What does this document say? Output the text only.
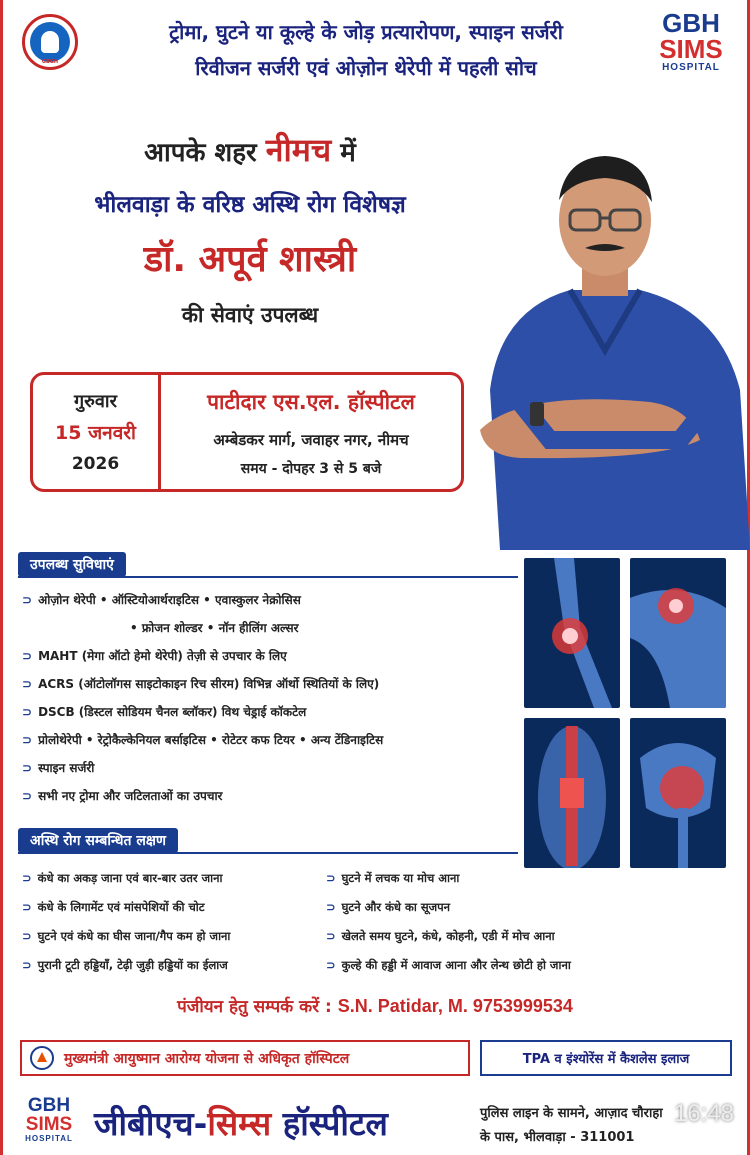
GBGH
ट्रोमा, घुटने या कूल्हे के जोड़ प्रत्यारोपण, स्पाइन सर्जरी
रिवीजन सर्जरी एवं ओज़ोन थेरेपी में पहली सोच
GBH
SIMS
HOSPITAL
आपके शहर नीमच में
भीलवाड़ा के वरिष्ठ अस्थि रोग विशेषज्ञ
डॉ. अपूर्व शास्त्री
की सेवाएं उपलब्ध
गुरुवार
15 जनवरी
2026
पाटीदार एस.एल. हॉस्पीटल
अम्बेडकर मार्ग, जवाहर नगर, नीमच
समय - दोपहर 3 से 5 बजे
उपलब्ध सुविधाएं
⊃ ओज़ोन थेरेपी • ऑस्टियोआर्थराइटिस • एवास्कुलर नेक्रोसिस
• फ्रोजन शोल्डर • नॉन हीलिंग अल्सर
⊃ MAHT (मेगा ऑटो हेमो थेरेपी) तेज़ी से उपचार के लिए
⊃ ACRS (ऑटोलॉगस साइटोकाइन रिच सीरम) विभिन्न ऑर्थो स्थितियों के लिए)
⊃ DSCB (डिस्टल सोडियम चैनल ब्लॉकर) विथ चेड्राई कॉकटेल
⊃ प्रोलोथेरेपी • रेट्रोकैल्केनियल बर्साइटिस • रोटेटर कफ टियर • अन्य टेंडिनाइटिस
⊃ स्पाइन सर्जरी
⊃ सभी नए ट्रोमा और जटिलताओं का उपचार
अस्थि रोग सम्बन्धित लक्षण
⊃ कंधे का अकड़ जाना एवं बार-बार उतर जाना
⊃ कंधे के लिगामेंट एवं मांसपेशियों की चोट
⊃ घुटने एवं कंधे का घीस जाना/गैप कम हो जाना
⊃ पुरानी टूटी हड्डियाँ, टेढ़ी जुड़ी हड्डियों का ईलाज
⊃ घुटने में लचक या मोच आना
⊃ घुटने और कंधे का सूजपन
⊃ खेलते समय घुटने, कंधे, कोहनी, एडी में मोच आना
⊃ कुल्हे की हड्डी में आवाज आना और लेन्थ छोटी हो जाना
पंजीयन हेतु सम्पर्क करें : S.N. Patidar, M. 9753999534
मुख्यमंत्री आयुष्मान आरोग्य योजना से अधिकृत हॉस्पिटल	TPA व इंश्योरेंस में कैशलेस इलाज
GBH
SIMS
HOSPITAL जीबीएच-सिम्स हॉस्पीटल	पुलिस लाइन के सामने, आज़ाद चौराहा
के पास, भीलवाड़ा - 311001
16:48
